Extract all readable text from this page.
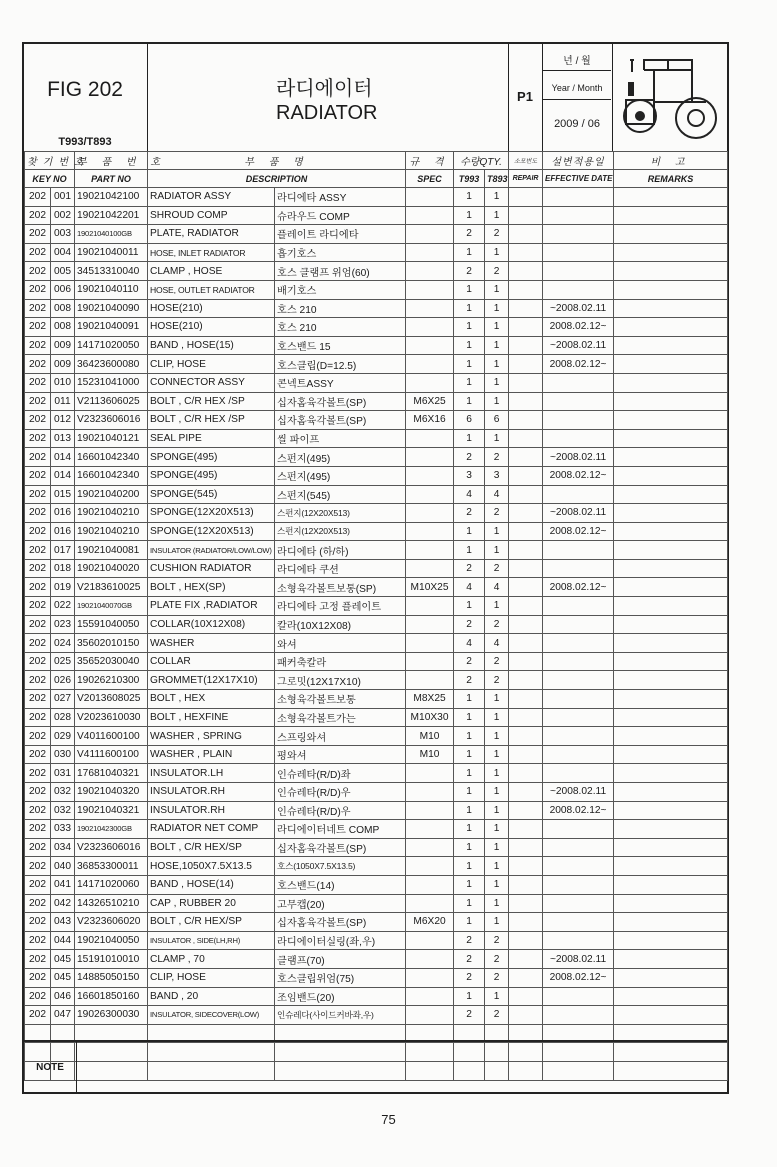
FIG 202
T993/T893
라디에이터
RADIATOR
P1
년 / 월
Year / Month
2009 / 06
찾기번호		부 품 번 호	부 품 명		규 격	수량QTY.		소모번도	설변적용일	비 고
KEY NO		PART NO	DESCRIPTION		SPEC	T993	T893	REPAIR	EFFECTIVE DATE	REMARKS
202	001	19021042100	RADIATOR ASSY	라디에타 ASSY		1	1			
202	002	19021042201	SHROUD COMP	슈라우드 COMP		1	1			
202	003	19021040100GB	PLATE, RADIATOR	플레이트 라디에타		2	2			
202	004	19021040011	HOSE, INLET RADIATOR	흡기호스		1	1			
202	005	34513310040	CLAMP , HOSE	호스 클램프 위엄(60)		2	2			
202	006	19021040110	HOSE, OUTLET RADIATOR	배기호스		1	1			
202	008	19021040090	HOSE(210)	호스 210		1	1		~2008.02.11	
202	008	19021040091	HOSE(210)	호스 210		1	1		2008.02.12~	
202	009	14171020050	BAND , HOSE(15)	호스밴드 15		1	1		~2008.02.11	
202	009	36423600080	CLIP, HOSE	호스클립(D=12.5)		1	1		2008.02.12~	
202	010	15231041000	CONNECTOR ASSY	콘넥트ASSY		1	1			
202	011	V2113606025	BOLT , C/R HEX /SP	십자홈육각볼트(SP)	M6X25	1	1			
202	012	V2323606016	BOLT , C/R HEX /SP	십자홈육각볼트(SP)	M6X16	6	6			
202	013	19021040121	SEAL PIPE	씰 파이프		1	1			
202	014	16601042340	SPONGE(495)	스펀지(495)		2	2		~2008.02.11	
202	014	16601042340	SPONGE(495)	스펀지(495)		3	3		2008.02.12~	
202	015	19021040200	SPONGE(545)	스펀지(545)		4	4			
202	016	19021040210	SPONGE(12X20X513)	스펀지(12X20X513)		2	2		~2008.02.11	
202	016	19021040210	SPONGE(12X20X513)	스펀지(12X20X513)		1	1		2008.02.12~	
202	017	19021040081	INSULATOR (RADIATOR/LOW/LOW)	라디에타 (하/하)		1	1			
202	018	19021040020	CUSHION RADIATOR	라디에타 쿠션		2	2			
202	019	V2183610025	BOLT , HEX(SP)	소형육각볼트보통(SP)	M10X25	4	4		2008.02.12~	
202	022	19021040070GB	PLATE FIX ,RADIATOR	라디에타 고정 플레이트		1	1			
202	023	15591040050	COLLAR(10X12X08)	칼라(10X12X08)		2	2			
202	024	35602010150	WASHER	와셔		4	4			
202	025	35652030040	COLLAR	패커축칼라		2	2			
202	026	19026210300	GROMMET(12X17X10)	그로밋(12X17X10)		2	2			
202	027	V2013608025	BOLT , HEX	소형육각볼트보통	M8X25	1	1			
202	028	V2023610030	BOLT , HEXFINE	소형육각볼트가는	M10X30	1	1			
202	029	V4011600100	WASHER , SPRING	스프링와셔	M10	1	1			
202	030	V4111600100	WASHER , PLAIN	평와셔	M10	1	1			
202	031	17681040321	INSULATOR.LH	인슈레타(R/D)좌		1	1			
202	032	19021040320	INSULATOR.RH	인슈레타(R/D)우		1	1		~2008.02.11	
202	032	19021040321	INSULATOR.RH	인슈레타(R/D)우		1	1		2008.02.12~	
202	033	19021042300GB	RADIATOR NET COMP	라디에이터네트 COMP		1	1			
202	034	V2323606016	BOLT , C/R HEX/SP	십자홈육각볼트(SP)		1	1			
202	040	36853300011	HOSE,1050X7.5X13.5	호스(1050X7.5X13.5)		1	1			
202	041	14171020060	BAND , HOSE(14)	호스밴드(14)		1	1			
202	042	14326510210	CAP , RUBBER 20	고무캡(20)		1	1			
202	043	V2323606020	BOLT , C/R HEX/SP	십자홈육각볼트(SP)	M6X20	1	1			
202	044	19021040050	INSULATOR , SIDE(LH,RH)	라디에이터실링(좌,우)		2	2			
202	045	15191010010	CLAMP , 70	클램프(70)		2	2		~2008.02.11	
202	045	14885050150	CLIP, HOSE	호스클립위엄(75)		2	2		2008.02.12~	
202	046	16601850160	BAND , 20	조임밴드(20)		1	1			
202	047	19026300030	INSULATOR, SIDECOVER(LOW)	인슈레다(사이드커바좌,우)		2	2			

NOTE
75
